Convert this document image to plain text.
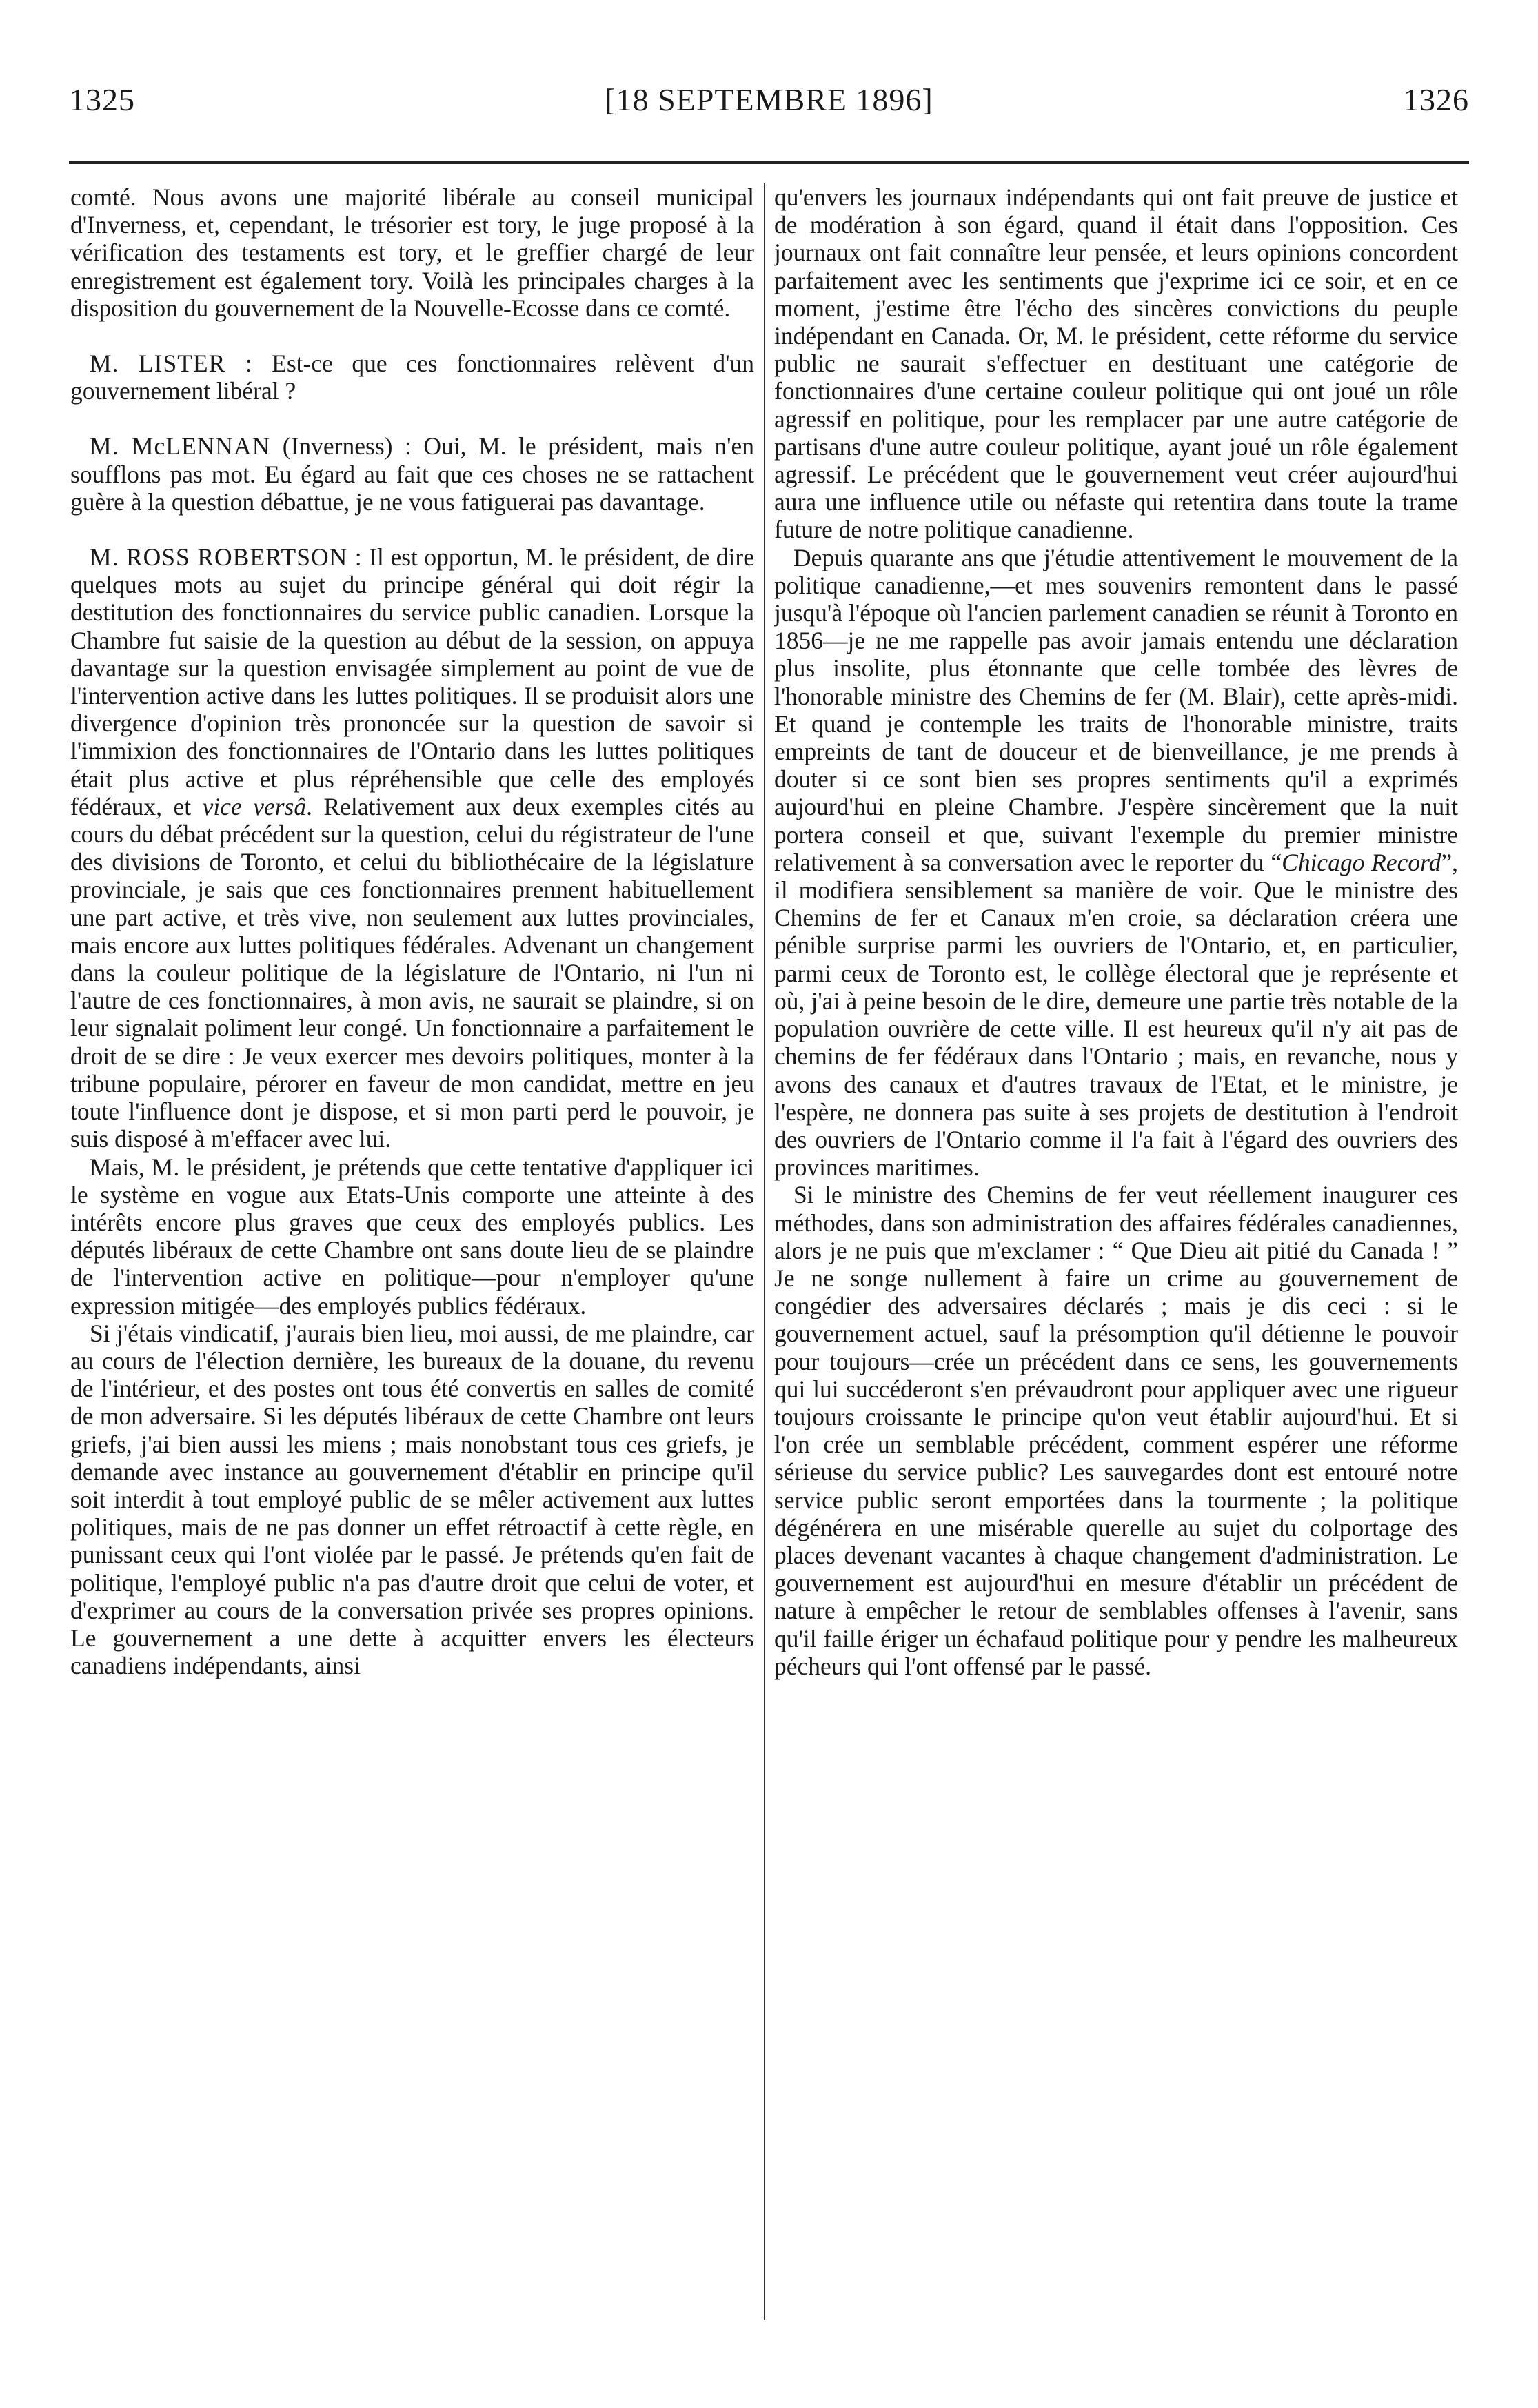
1325	[18 SEPTEMBRE 1896]	1326

comté. Nous avons une majorité libérale au conseil municipal d'Inverness, et, cependant, le trésorier est tory, le juge proposé à la vérification des testaments est tory, et le greffier chargé de leur enregistrement est également tory. Voilà les principales charges à la disposition du gouvernement de la Nouvelle-Ecosse dans ce comté.

M. LISTER : Est-ce que ces fonctionnaires relèvent d'un gouvernement libéral ?

M. McLENNAN (Inverness) : Oui, M. le président, mais n'en soufflons pas mot. Eu égard au fait que ces choses ne se rattachent guère à la question débattue, je ne vous fatiguerai pas davantage.

M. ROSS ROBERTSON : Il est opportun, M. le président, de dire quelques mots au sujet du principe général qui doit régir la destitution des fonctionnaires du service public canadien. Lorsque la Chambre fut saisie de la question au début de la session, on appuya davantage sur la question envisagée simplement au point de vue de l'intervention active dans les luttes politiques. Il se produisit alors une divergence d'opinion très prononcée sur la question de savoir si l'immixion des fonctionnaires de l'Ontario dans les luttes politiques était plus active et plus répréhensible que celle des employés fédéraux, et vice versâ. Relativement aux deux exemples cités au cours du débat précédent sur la question, celui du régistrateur de l'une des divisions de Toronto, et celui du bibliothécaire de la législature provinciale, je sais que ces fonctionnaires prennent habituellement une part active, et très vive, non seulement aux luttes provinciales, mais encore aux luttes politiques fédérales. Advenant un changement dans la couleur politique de la législature de l'Ontario, ni l'un ni l'autre de ces fonctionnaires, à mon avis, ne saurait se plaindre, si on leur signalait poliment leur congé. Un fonctionnaire a parfaitement le droit de se dire : Je veux exercer mes devoirs politiques, monter à la tribune populaire, pérorer en faveur de mon candidat, mettre en jeu toute l'influence dont je dispose, et si mon parti perd le pouvoir, je suis disposé à m'effacer avec lui.

Mais, M. le président, je prétends que cette tentative d'appliquer ici le système en vogue aux Etats-Unis comporte une atteinte à des intérêts encore plus graves que ceux des employés publics. Les députés libéraux de cette Chambre ont sans doute lieu de se plaindre de l'intervention active en politique—pour n'employer qu'une expression mitigée—des employés publics fédéraux.

Si j'étais vindicatif, j'aurais bien lieu, moi aussi, de me plaindre, car au cours de l'élection dernière, les bureaux de la douane, du revenu de l'intérieur, et des postes ont tous été convertis en salles de comité de mon adversaire. Si les députés libéraux de cette Chambre ont leurs griefs, j'ai bien aussi les miens ; mais nonobstant tous ces griefs, je demande avec instance au gouvernement d'établir en principe qu'il soit interdit à tout employé public de se mêler activement aux luttes politiques, mais de ne pas donner un effet rétroactif à cette règle, en punissant ceux qui l'ont violée par le passé. Je prétends qu'en fait de politique, l'employé public n'a pas d'autre droit que celui de voter, et d'exprimer au cours de la conversation privée ses propres opinions. Le gouvernement a une dette à acquitter envers les électeurs canadiens indépendants, ainsi

qu'envers les journaux indépendants qui ont fait preuve de justice et de modération à son égard, quand il était dans l'opposition. Ces journaux ont fait connaître leur pensée, et leurs opinions concordent parfaitement avec les sentiments que j'exprime ici ce soir, et en ce moment, j'estime être l'écho des sincères convictions du peuple indépendant en Canada. Or, M. le président, cette réforme du service public ne saurait s'effectuer en destituant une catégorie de fonctionnaires d'une certaine couleur politique qui ont joué un rôle agressif en politique, pour les remplacer par une autre catégorie de partisans d'une autre couleur politique, ayant joué un rôle également agressif. Le précédent que le gouvernement veut créer aujourd'hui aura une influence utile ou néfaste qui retentira dans toute la trame future de notre politique canadienne.

Depuis quarante ans que j'étudie attentivement le mouvement de la politique canadienne,—et mes souvenirs remontent dans le passé jusqu'à l'époque où l'ancien parlement canadien se réunit à Toronto en 1856—je ne me rappelle pas avoir jamais entendu une déclaration plus insolite, plus étonnante que celle tombée des lèvres de l'honorable ministre des Chemins de fer (M. Blair), cette après-midi. Et quand je contemple les traits de l'honorable ministre, traits empreints de tant de douceur et de bienveillance, je me prends à douter si ce sont bien ses propres sentiments qu'il a exprimés aujourd'hui en pleine Chambre. J'espère sincèrement que la nuit portera conseil et que, suivant l'exemple du premier ministre relativement à sa conversation avec le reporter du “Chicago Record”, il modifiera sensiblement sa manière de voir. Que le ministre des Chemins de fer et Canaux m'en croie, sa déclaration créera une pénible surprise parmi les ouvriers de l'Ontario, et, en particulier, parmi ceux de Toronto est, le collège électoral que je représente et où, j'ai à peine besoin de le dire, demeure une partie très notable de la population ouvrière de cette ville. Il est heureux qu'il n'y ait pas de chemins de fer fédéraux dans l'Ontario ; mais, en revanche, nous y avons des canaux et d'autres travaux de l'Etat, et le ministre, je l'espère, ne donnera pas suite à ses projets de destitution à l'endroit des ouvriers de l'Ontario comme il l'a fait à l'égard des ouvriers des provinces maritimes.

Si le ministre des Chemins de fer veut réellement inaugurer ces méthodes, dans son administration des affaires fédérales canadiennes, alors je ne puis que m'exclamer : “ Que Dieu ait pitié du Canada ! ” Je ne songe nullement à faire un crime au gouvernement de congédier des adversaires déclarés ; mais je dis ceci : si le gouvernement actuel, sauf la présomption qu'il détienne le pouvoir pour toujours—crée un précédent dans ce sens, les gouvernements qui lui succéderont s'en prévaudront pour appliquer avec une rigueur toujours croissante le principe qu'on veut établir aujourd'hui. Et si l'on crée un semblable précédent, comment espérer une réforme sérieuse du service public? Les sauvegardes dont est entouré notre service public seront emportées dans la tourmente ; la politique dégénérera en une misérable querelle au sujet du colportage des places devenant vacantes à chaque changement d'administration. Le gouvernement est aujourd'hui en mesure d'établir un précédent de nature à empêcher le retour de semblables offenses à l'avenir, sans qu'il faille ériger un échafaud politique pour y pendre les malheureux pécheurs qui l'ont offensé par le passé.
